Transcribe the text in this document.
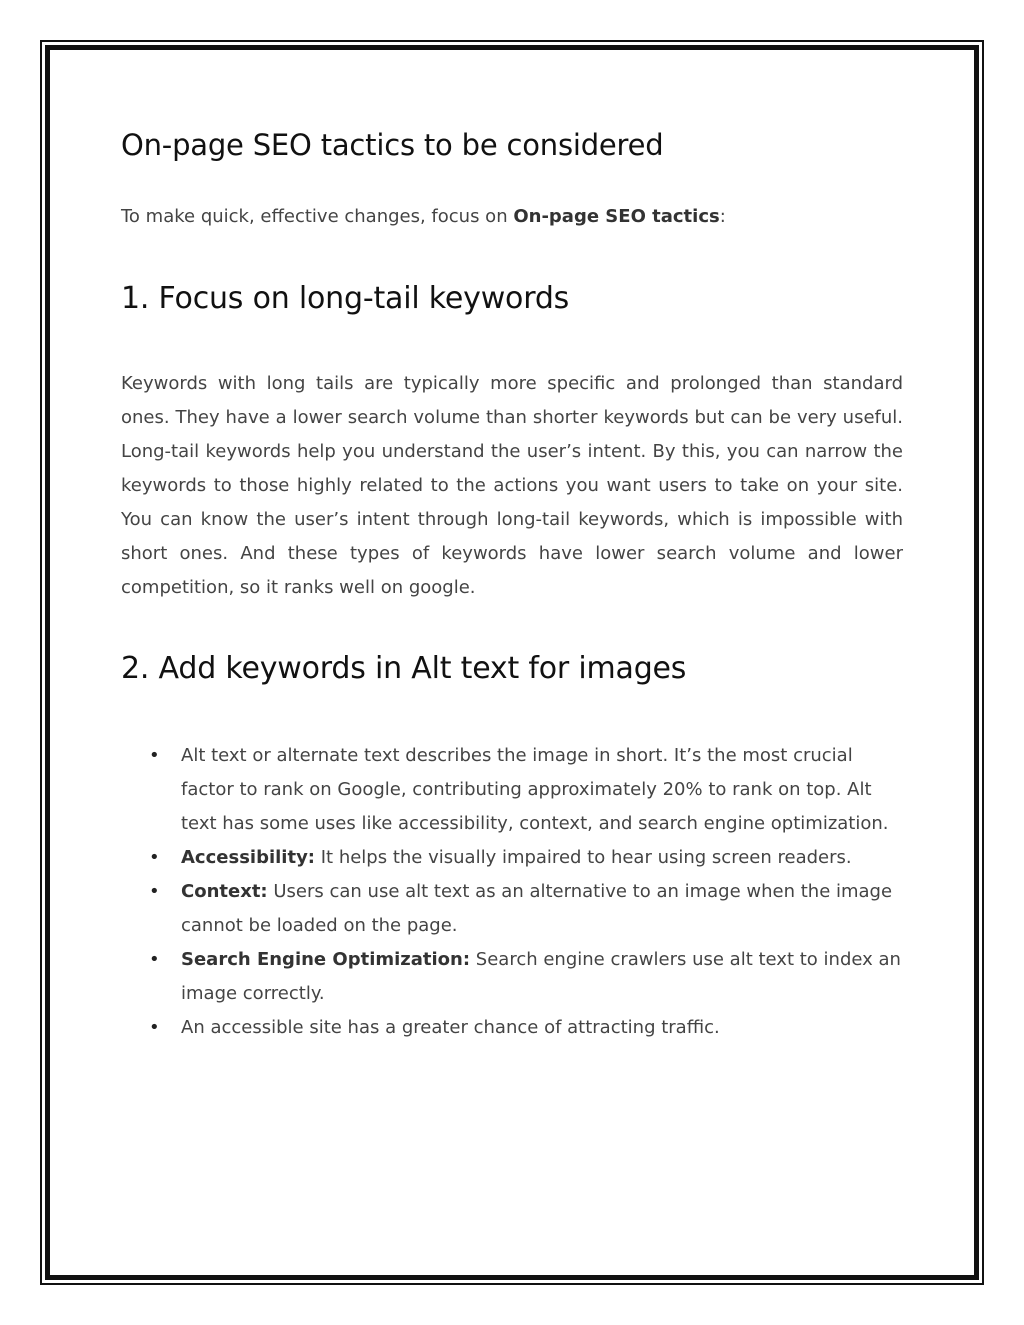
On-page SEO tactics to be considered

To make quick, effective changes, focus on On-page SEO tactics:

1. Focus on long-tail keywords

Keywords with long tails are typically more specific and prolonged than standard ones. They have a lower search volume than shorter keywords but can be very useful. Long-tail keywords help you understand the user’s intent. By this, you can narrow the keywords to those highly related to the actions you want users to take on your site. You can know the user’s intent through long-tail keywords, which is impossible with short ones. And these types of keywords have lower search volume and lower competition, so it ranks well on google.

2. Add keywords in Alt text for images
• Alt text or alternate text describes the image in short. It’s the most crucial factor to rank on Google, contributing approximately 20% to rank on top. Alt text has some uses like accessibility, context, and search engine optimization.
• Accessibility: It helps the visually impaired to hear using screen readers.
• Context: Users can use alt text as an alternative to an image when the image cannot be loaded on the page.
• Search Engine Optimization: Search engine crawlers use alt text to index an image correctly.
• An accessible site has a greater chance of attracting traffic.
